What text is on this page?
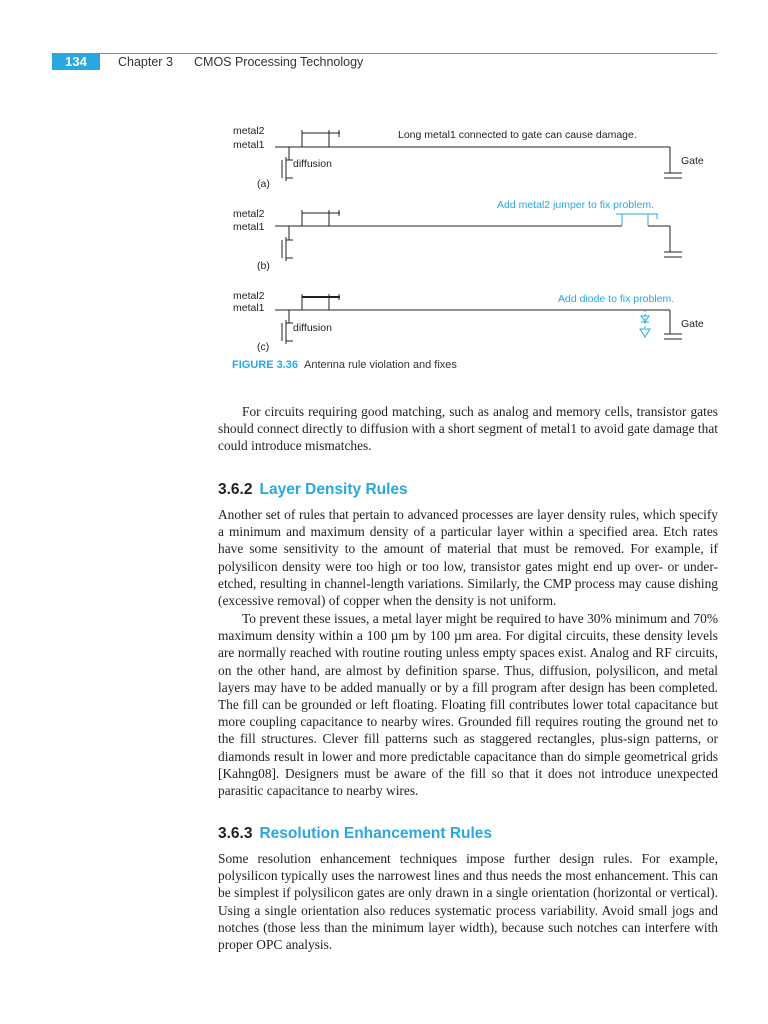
134	Chapter 3 CMOS Processing Technology
metal2
metal1
diffusion
Long metal1 connected to gate can cause damage.
Gate
(a)
metal2
metal1
Add metal2 jumper to fix problem.
(b)
metal2
metal1
diffusion
Add diode to fix problem.
Gate
(c)
FIGURE 3.36 Antenna rule violation and fixes

For circuits requiring good matching, such as analog and memory cells, transistor gates should connect directly to diffusion with a short segment of metal1 to avoid gate damage that could introduce mismatches.

3.6.2 Layer Density Rules

Another set of rules that pertain to advanced processes are layer density rules, which specify a minimum and maximum density of a particular layer within a specified area. Etch rates have some sensitivity to the amount of material that must be removed. For example, if polysilicon density were too high or too low, transistor gates might end up over- or under-etched, resulting in channel-length variations. Similarly, the CMP process may cause dishing (excessive removal) of copper when the density is not uniform.

To prevent these issues, a metal layer might be required to have 30% minimum and 70% maximum density within a 100 µm by 100 µm area. For digital circuits, these density levels are normally reached with routine routing unless empty spaces exist. Analog and RF circuits, on the other hand, are almost by definition sparse. Thus, diffusion, polysilicon, and metal layers may have to be added manually or by a fill program after design has been completed. The fill can be grounded or left floating. Floating fill contributes lower total capacitance but more coupling capacitance to nearby wires. Grounded fill requires routing the ground net to the fill structures. Clever fill patterns such as staggered rectangles, plus-sign patterns, or diamonds result in lower and more predictable capacitance than do simple geometrical grids [Kahng08]. Designers must be aware of the fill so that it does not introduce unexpected parasitic capacitance to nearby wires.

3.6.3 Resolution Enhancement Rules

Some resolution enhancement techniques impose further design rules. For example, polysilicon typically uses the narrowest lines and thus needs the most enhancement. This can be simplest if polysilicon gates are only drawn in a single orientation (horizontal or vertical). Using a single orientation also reduces systematic process variability. Avoid small jogs and notches (those less than the minimum layer width), because such notches can interfere with proper OPC analysis.
